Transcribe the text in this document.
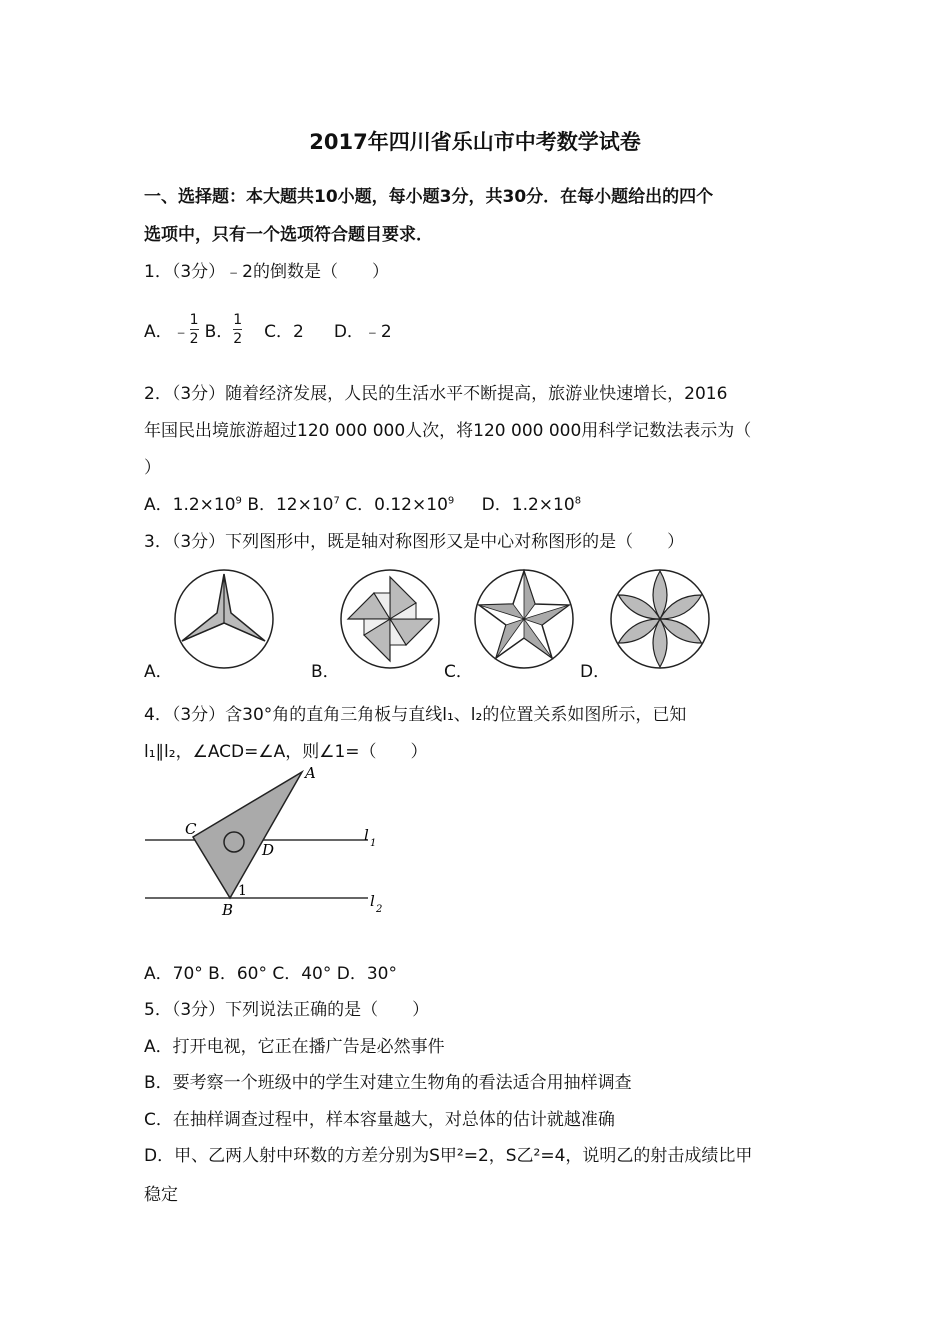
2017年四川省乐山市中考数学试卷
一、选择题：本大题共10小题，每小题3分，共30分．在每小题给出的四个
选项中，只有一个选项符合题目要求．
1．（3分）﹣2的倒数是（　　）
A． ﹣ $\frac{1}{2}$ B． $\frac{1}{2}$ C．2 D．﹣2
2．（3分）随着经济发展，人民的生活水平不断提高，旅游业快速增长，2016
年国民出境旅游超过120 000 000人次，将120 000 000用科学记数法表示为（
）
A．$1.2\times 10^9$ B．$12\times 10^7$ C．$0.12\times 10^9$ D．$1.2\times 10^8$
3．（3分）下列图形中，既是轴对称图形又是中心对称图形的是（　　）
A．	B．	C．	D．
4．（3分）含30°角的直角三角板与直线l₁、l₂的位置关系如图所示，已知
l₁∥l₂，∠ACD=∠A，则∠1=（　　）
A
C
D
B
1
l 1
l 2
A．70° B．60° C．40° D．30°
5．（3分）下列说法正确的是（　　）
A．打开电视，它正在播广告是必然事件
B．要考察一个班级中的学生对建立生物角的看法适合用抽样调查
C．在抽样调查过程中，样本容量越大，对总体的估计就越准确
D．甲、乙两人射中环数的方差分别为S甲²=2，S乙²=4，说明乙的射击成绩比甲
稳定
